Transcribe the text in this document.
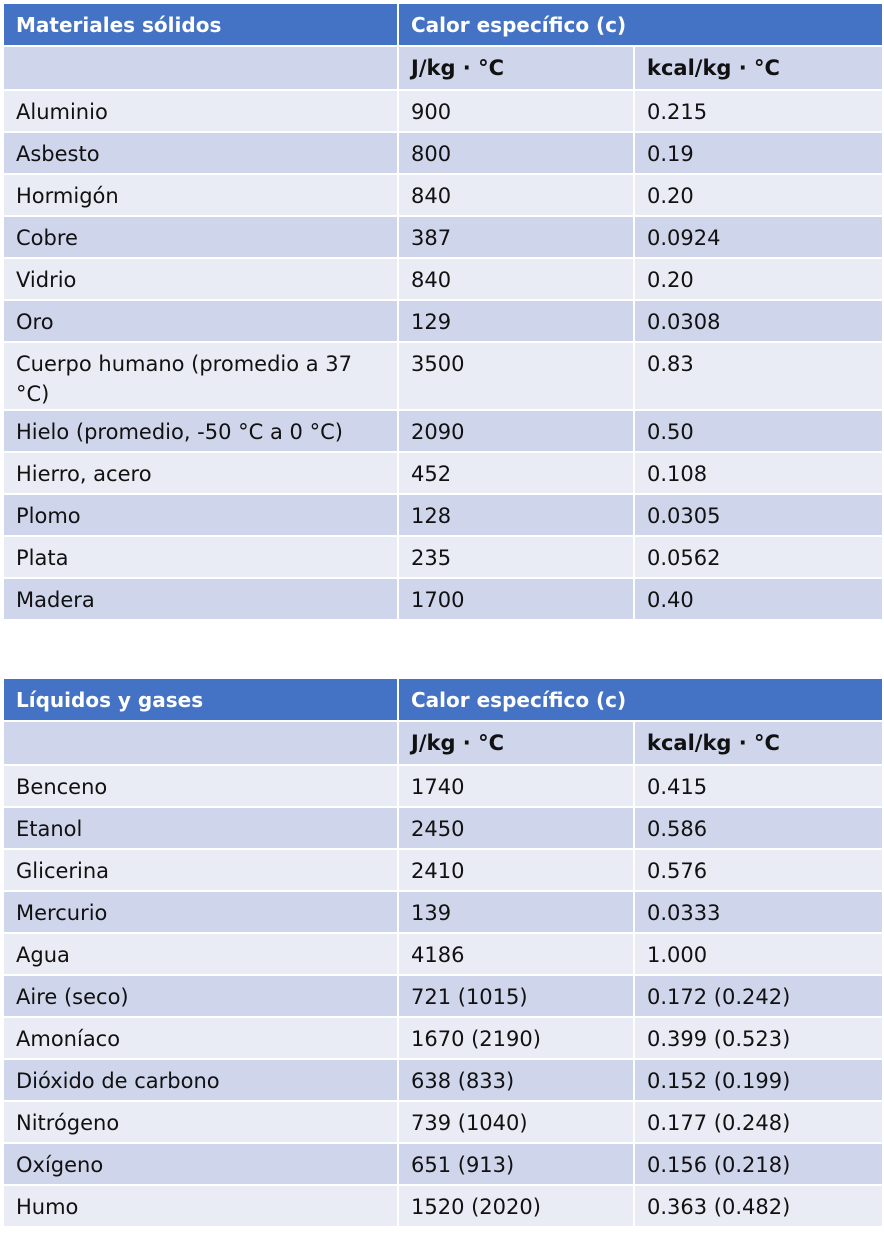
Materiales sólidos	Calor específico (c)	
	J/kg · °C	kcal/kg · °C
Aluminio	900	0.215
Asbesto	800	0.19
Hormigón	840	0.20
Cobre	387	0.0924
Vidrio	840	0.20
Oro	129	0.0308
Cuerpo humano (promedio a 37 °C)	3500	0.83
Hielo (promedio, -50 °C a 0 °C)	2090	0.50
Hierro, acero	452	0.108
Plomo	128	0.0305
Plata	235	0.0562
Madera	1700	0.40
Líquidos y gases	Calor específico (c)	
	J/kg · °C	kcal/kg · °C
Benceno	1740	0.415
Etanol	2450	0.586
Glicerina	2410	0.576
Mercurio	139	0.0333
Agua	4186	1.000
Aire (seco)	721 (1015)	0.172 (0.242)
Amoníaco	1670 (2190)	0.399 (0.523)
Dióxido de carbono	638 (833)	0.152 (0.199)
Nitrógeno	739 (1040)	0.177 (0.248)
Oxígeno	651 (913)	0.156 (0.218)
Humo	1520 (2020)	0.363 (0.482)
